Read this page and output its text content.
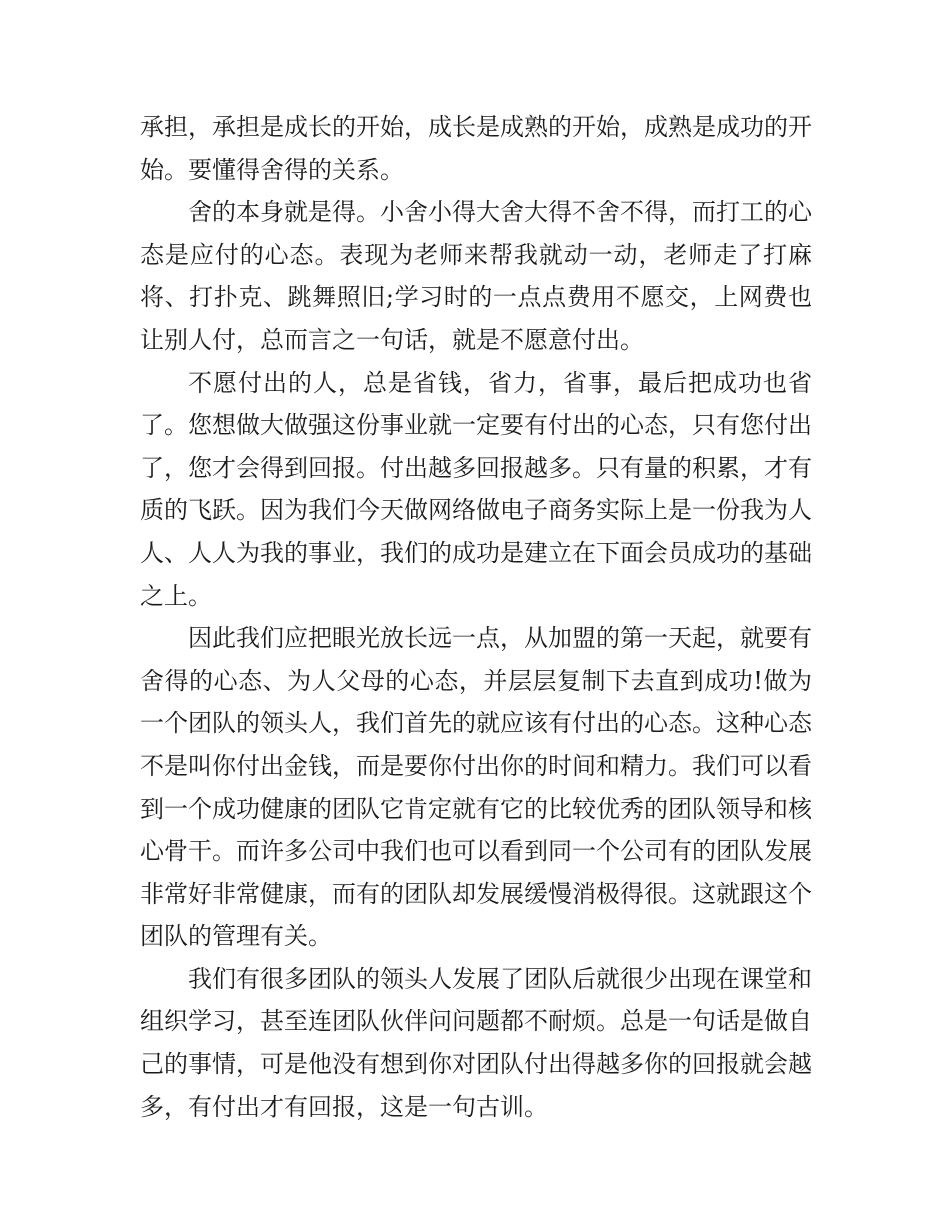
承担，承担是成长的开始，成长是成熟的开始，成熟是成功的开始。要懂得舍得的关系。

舍的本身就是得。小舍小得大舍大得不舍不得，而打工的心态是应付的心态。表现为老师来帮我就动一动，老师走了打麻将、打扑克、跳舞照旧;学习时的一点点费用不愿交，上网费也让别人付，总而言之一句话，就是不愿意付出。

不愿付出的人，总是省钱，省力，省事，最后把成功也省了。您想做大做强这份事业就一定要有付出的心态，只有您付出了，您才会得到回报。付出越多回报越多。只有量的积累，才有质的飞跃。因为我们今天做网络做电子商务实际上是一份我为人人、人人为我的事业，我们的成功是建立在下面会员成功的基础之上。

因此我们应把眼光放长远一点，从加盟的第一天起，就要有舍得的心态、为人父母的心态，并层层复制下去直到成功!做为一个团队的领头人，我们首先的就应该有付出的心态。这种心态不是叫你付出金钱，而是要你付出你的时间和精力。我们可以看到一个成功健康的团队它肯定就有它的比较优秀的团队领导和核心骨干。而许多公司中我们也可以看到同一个公司有的团队发展非常好非常健康，而有的团队却发展缓慢消极得很。这就跟这个团队的管理有关。

我们有很多团队的领头人发展了团队后就很少出现在课堂和组织学习，甚至连团队伙伴问问题都不耐烦。总是一句话是做自己的事情，可是他没有想到你对团队付出得越多你的回报就会越多，有付出才有回报，这是一句古训。
